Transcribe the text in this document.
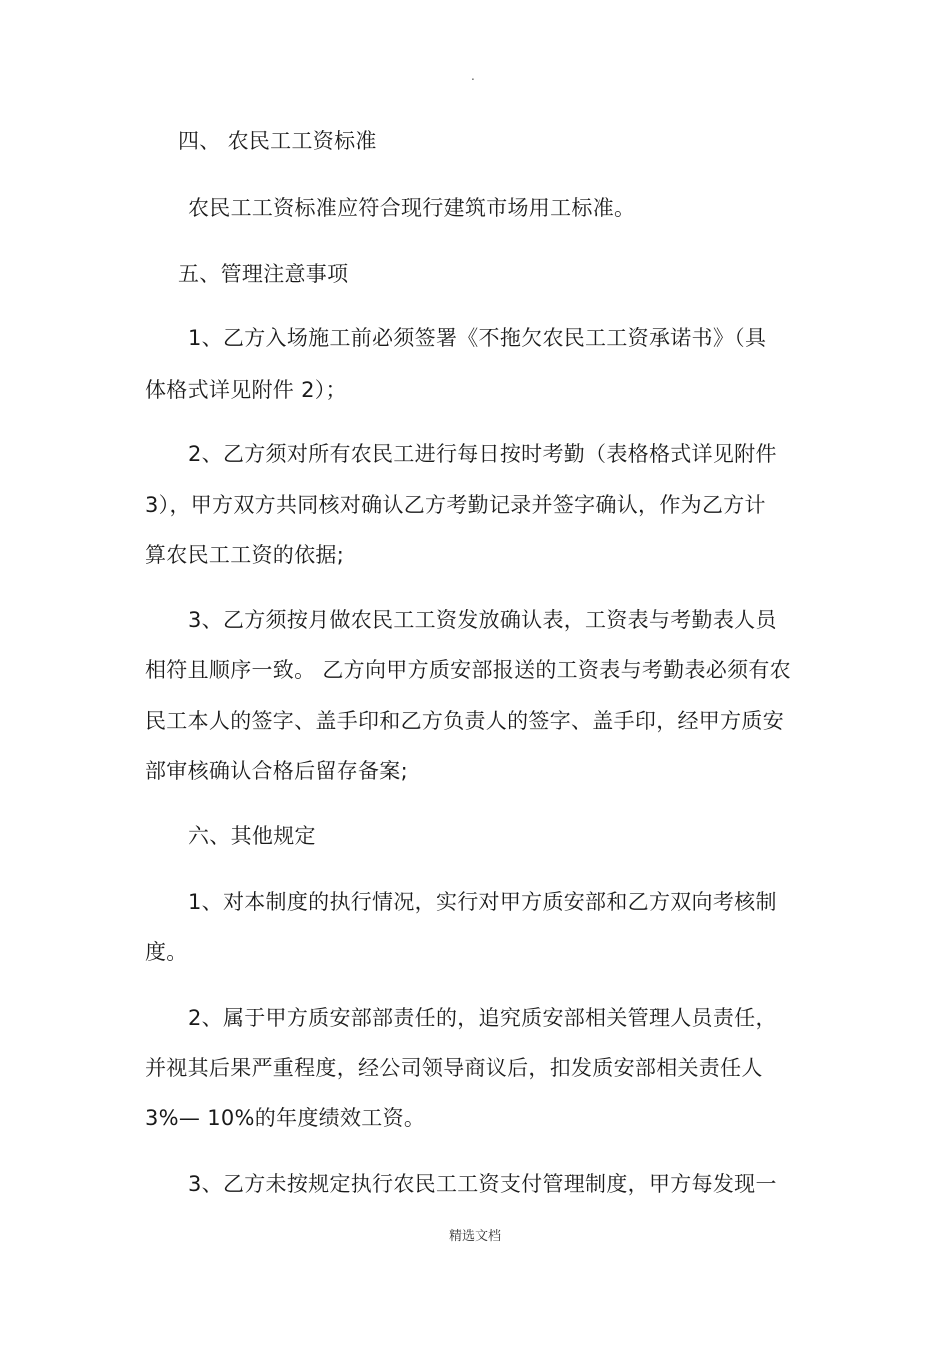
.
四、 农民工工资标准
农民工工资标准应符合现行建筑市场用工标准。
五、管理注意事项
1、乙方入场施工前必须签署《不拖欠农民工工资承诺书》（具
体格式详见附件 2）；
2、乙方须对所有农民工进行每日按时考勤（表格格式详见附件
3），甲方双方共同核对确认乙方考勤记录并签字确认，作为乙方计
算农民工工资的依据;
3、乙方须按月做农民工工资发放确认表，工资表与考勤表人员
相符且顺序一致。 乙方向甲方质安部报送的工资表与考勤表必须有农
民工本人的签字、盖手印和乙方负责人的签字、盖手印，经甲方质安
部审核确认合格后留存备案;
六、其他规定
1、对本制度的执行情况，实行对甲方质安部和乙方双向考核制
度。
2、属于甲方质安部部责任的，追究质安部相关管理人员责任，
并视其后果严重程度，经公司领导商议后，扣发质安部相关责任人
3%— 10%的年度绩效工资。
3、乙方未按规定执行农民工工资支付管理制度，甲方每发现一
精选文档
